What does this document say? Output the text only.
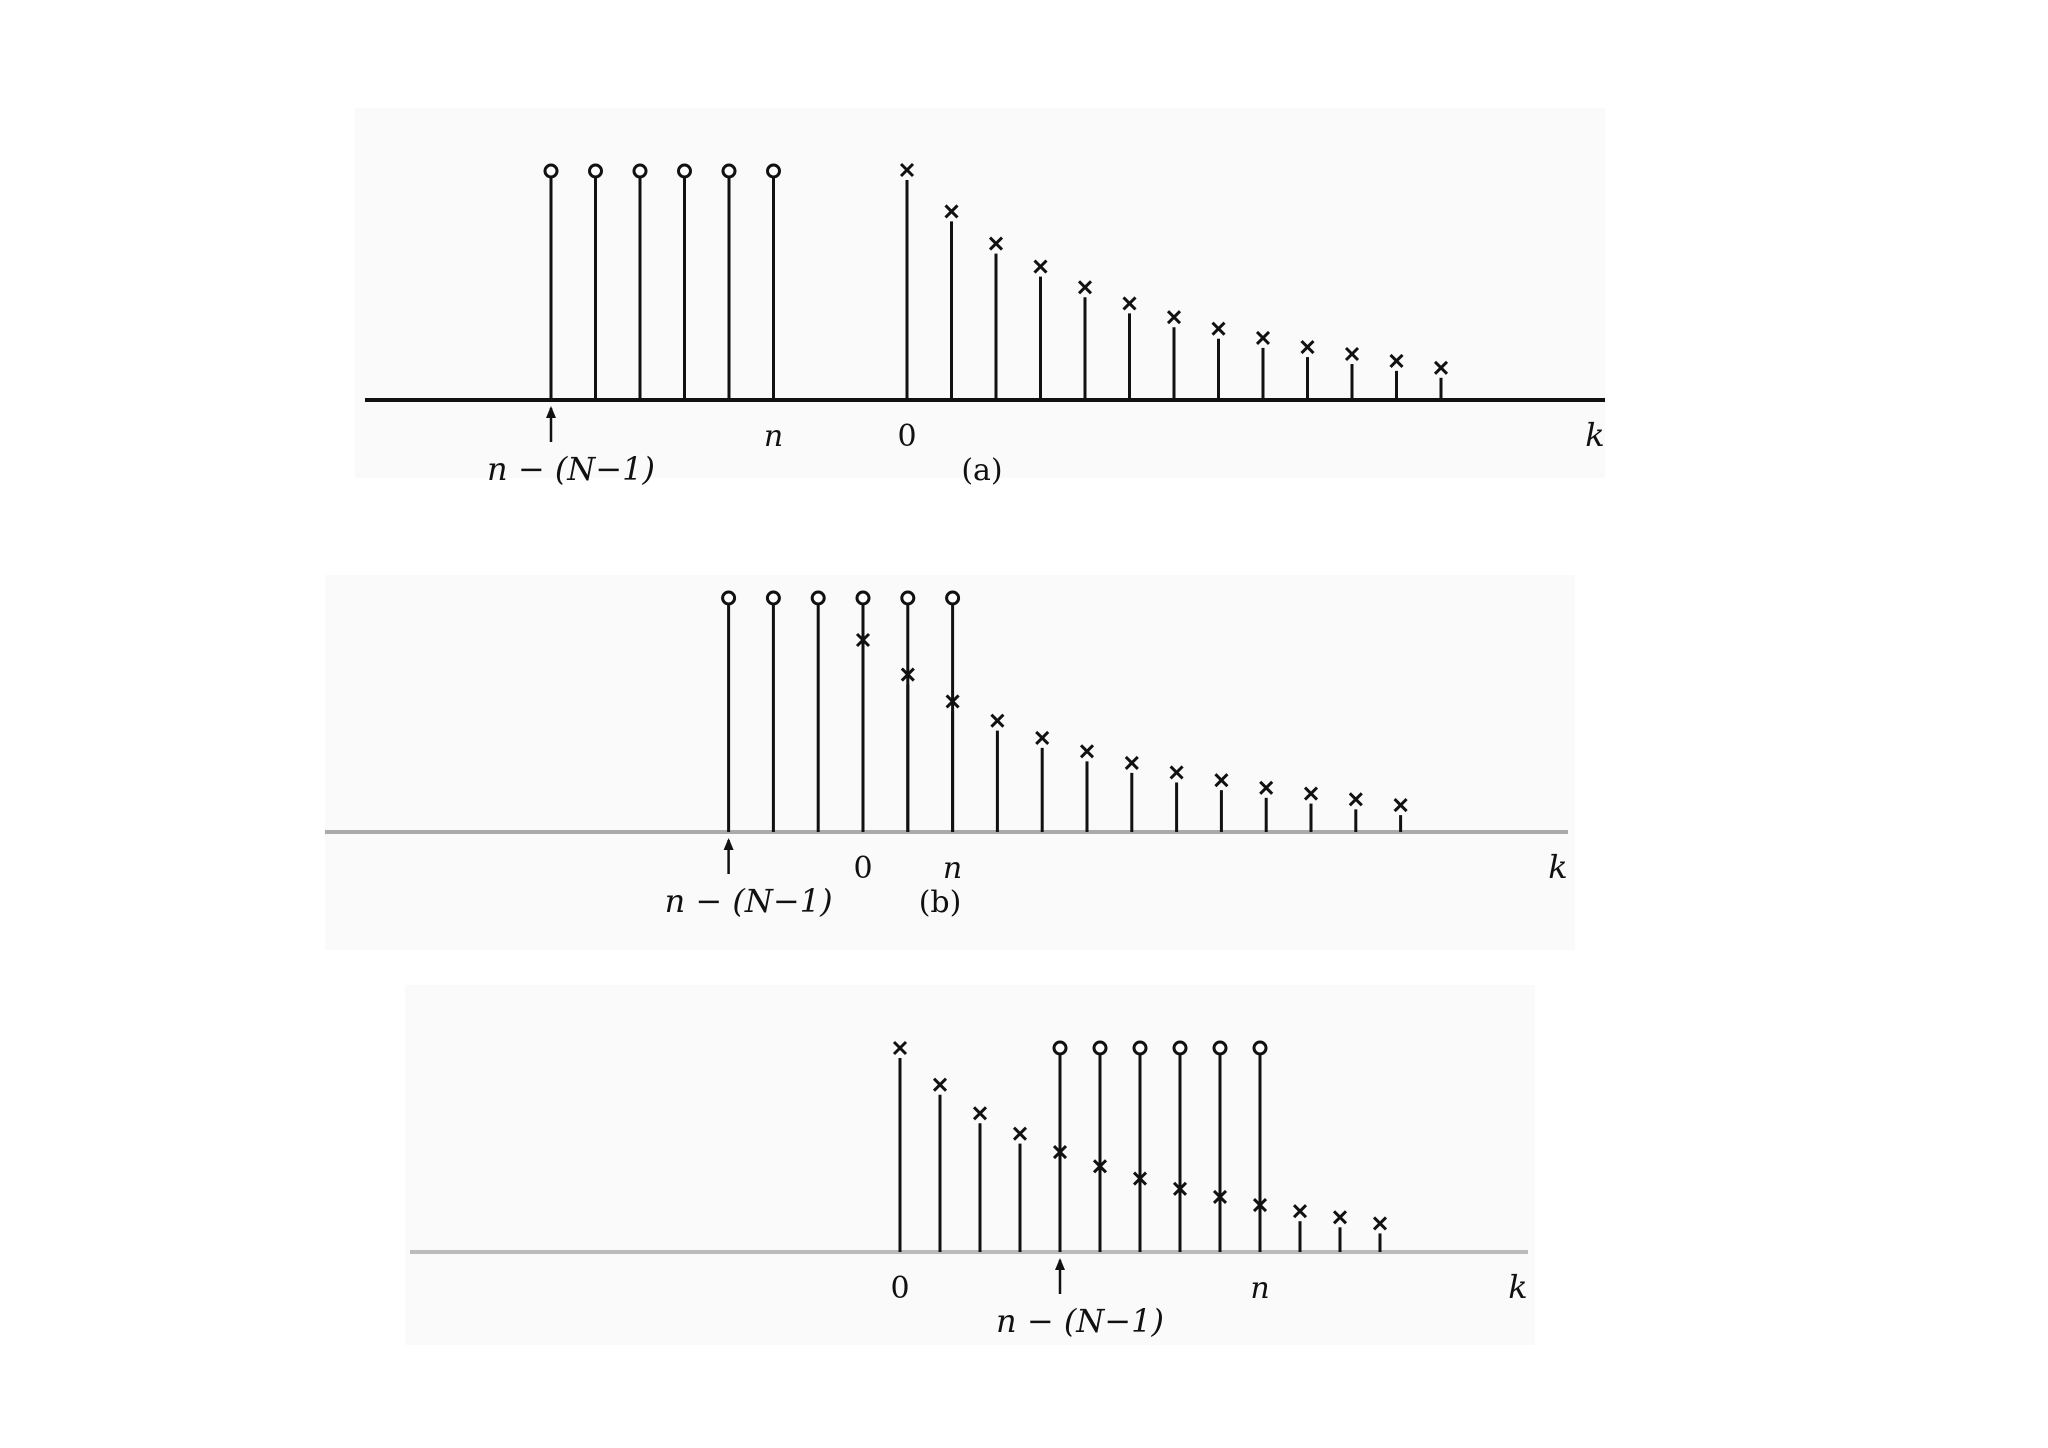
0
n	k
n − (N−1)	(a)
0 n	k
n − (N−1)	(b)
0	n	k
n − (N−1)
